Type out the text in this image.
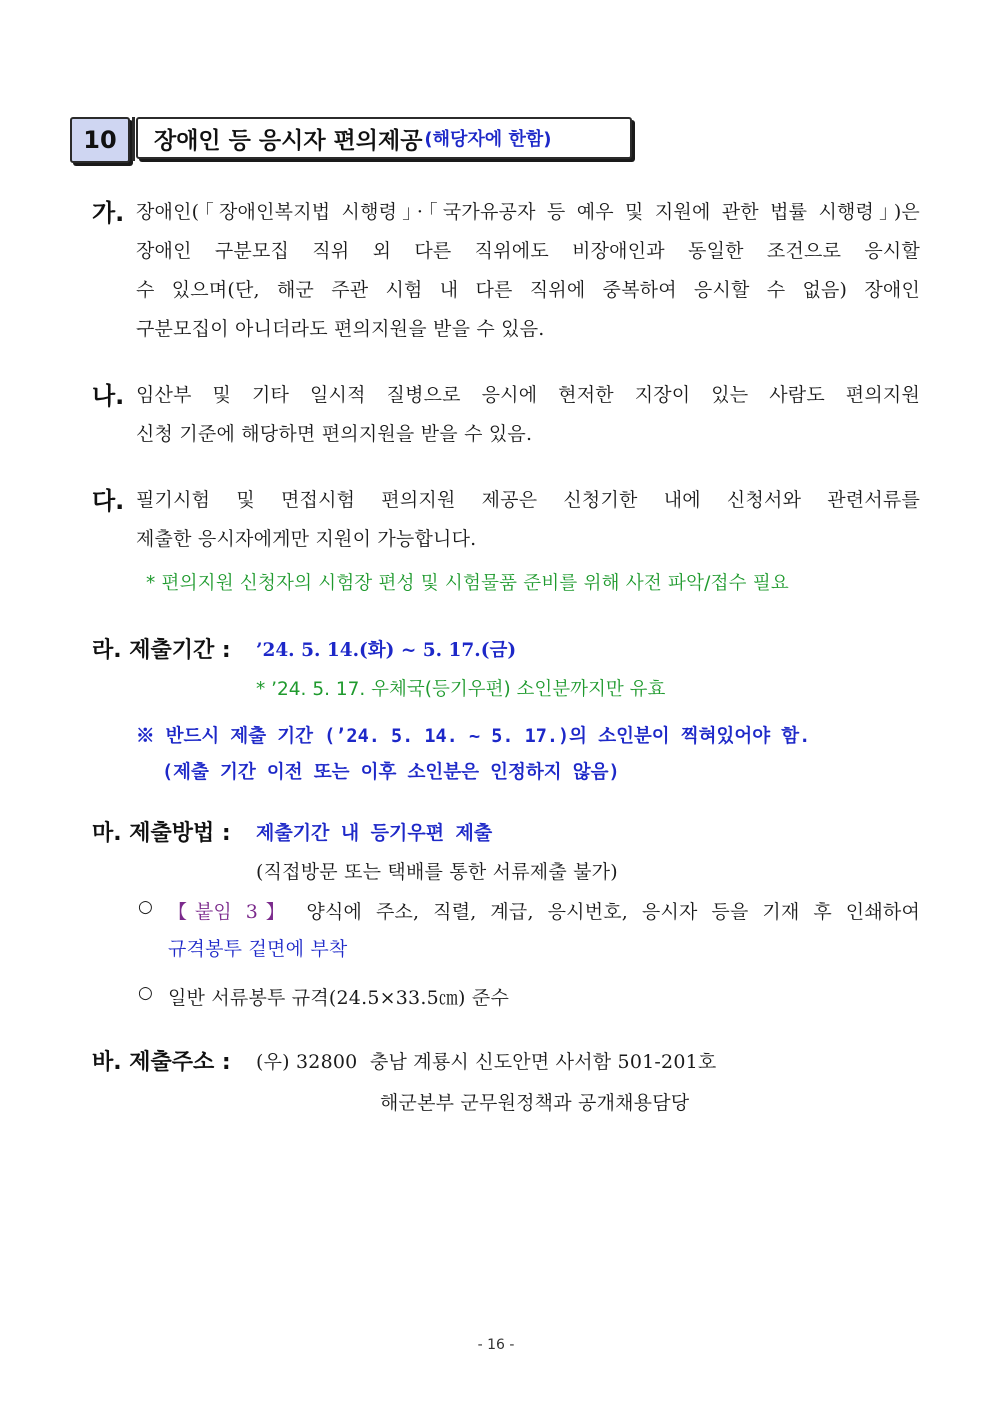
10	장애인 등 응시자 편의제공 (해당자에 한함)
가. 장애인(「장애인복지법 시행령」·「국가유공자 등 예우 및 지원에 관한 법률 시행령」)은
장애인 구분모집 직위 외 다른 직위에도 비장애인과 동일한 조건으로 응시할
수 있으며(단, 해군 주관 시험 내 다른 직위에 중복하여 응시할 수 없음) 장애인
구분모집이 아니더라도 편의지원을 받을 수 있음.
나. 임산부 및 기타 일시적 질병으로 응시에 현저한 지장이 있는 사람도 편의지원
신청 기준에 해당하면 편의지원을 받을 수 있음.
다. 필기시험 및 면접시험 편의지원 제공은 신청기한 내에 신청서와 관련서류를
제출한 응시자에게만 지원이 가능합니다.
* 편의지원 신청자의 시험장 편성 및 시험물품 준비를 위해 사전 파악/접수 필요
라. 제출기간 : ’24. 5. 14.(화) ~ 5. 17.(금)
* ’24. 5. 17. 우체국(등기우편) 소인분까지만 유효
※ 반드시 제출 기간 (’24. 5. 14. ~ 5. 17.)의 소인분이 찍혀있어야 함.
(제출 기간 이전 또는 이후 소인분은 인정하지 않음)
마. 제출방법 : 제출기간 내 등기우편 제출
(직접방문 또는 택배를 통한 서류제출 불가)
○ 【붙임 3】 양식에 주소, 직렬, 계급, 응시번호, 응시자 등을 기재 후 인쇄하여
규격봉투 겉면에 부착
○ 일반 서류봉투 규격(24.5×33.5㎝) 준수
바. 제출주소 : (우) 32800  충남 계룡시 신도안면 사서함 501-201호
해군본부 군무원정책과 공개채용담당
- 16 -
